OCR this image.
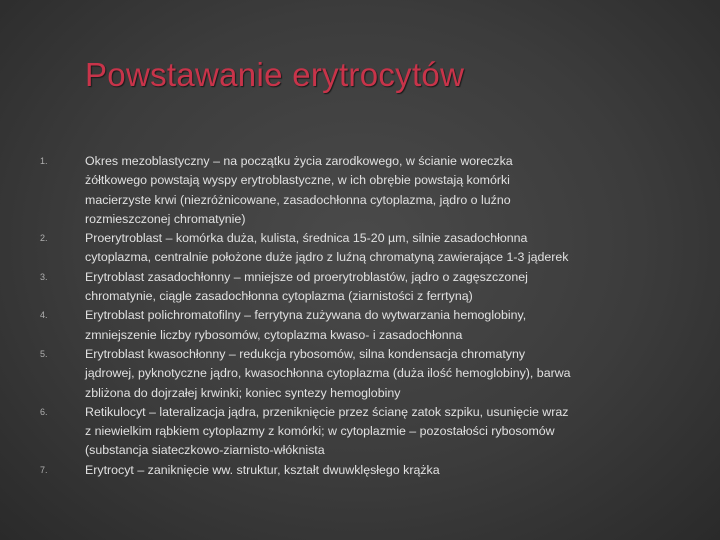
Powstawanie erytrocytów
1.	Okres mezoblastyczny – na początku życia zarodkowego, w ścianie woreczka
żółtkowego powstają wyspy erytroblastyczne, w ich obrębie powstają komórki
macierzyste krwi (niezróżnicowane, zasadochłonna cytoplazma, jądro o luźno
rozmieszczonej chromatynie)
2.	Proerytroblast – komórka duża, kulista, średnica 15-20 µm, silnie zasadochłonna
cytoplazma, centralnie położone duże jądro z luźną chromatyną zawierające 1-3 jąderek
3.	Erytroblast zasadochłonny – mniejsze od proerytroblastów, jądro o zagęszczonej
chromatynie, ciągle zasadochłonna cytoplazma (ziarnistości z ferrtyną)
4.	Erytroblast polichromatofilny – ferrytyna zużywana do wytwarzania hemoglobiny,
zmniejszenie liczby rybosomów, cytoplazma kwaso- i zasadochłonna
5.	Erytroblast kwasochłonny – redukcja rybosomów, silna kondensacja chromatyny
jądrowej, pyknotyczne jądro, kwasochłonna cytoplazma (duża ilość hemoglobiny), barwa
zbliżona do dojrzałej krwinki; koniec syntezy hemoglobiny
6.	Retikulocyt – lateralizacja jądra, przeniknięcie przez ścianę zatok szpiku, usunięcie wraz
z niewielkim rąbkiem cytoplazmy z komórki; w cytoplazmie – pozostałości rybosomów
(substancja siateczkowo-ziarnisto-włóknista
7.	Erytrocyt – zaniknięcie ww. struktur, kształt dwuwklęsłego krążka
